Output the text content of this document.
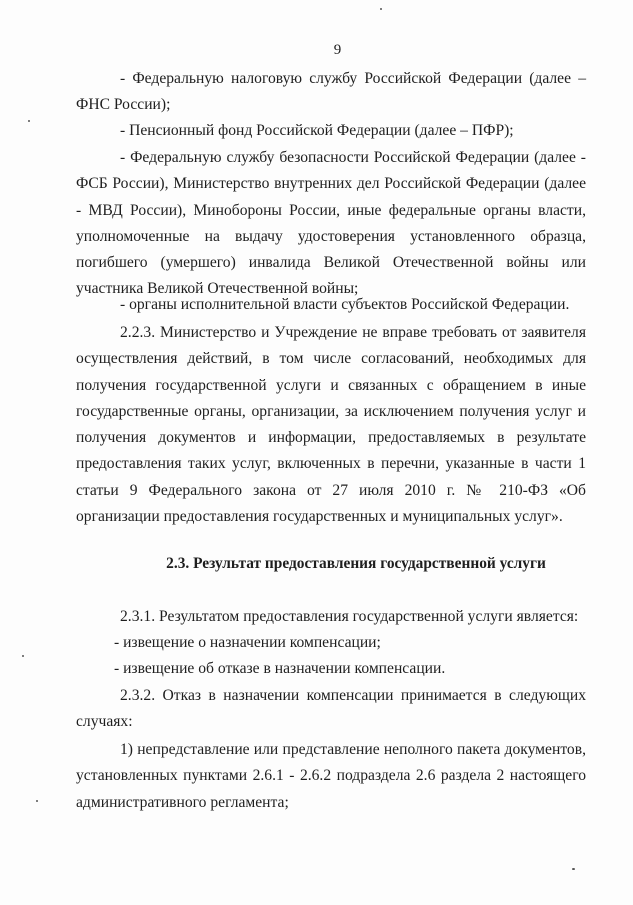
9

- Федеральную налоговую службу Российской Федерации (далее – ФНС России);

- Пенсионный фонд Российской Федерации (далее – ПФР);

- Федеральную службу безопасности Российской Федерации (далее - ФСБ России), Министерство внутренних дел Российской Федерации (далее - МВД России), Минобороны России, иные федеральные органы власти, уполномоченные на выдачу удостоверения установленного образца, погибшего (умершего) инвалида Великой Отечественной войны или участника Великой Отечественной войны;

- органы исполнительной власти субъектов Российской Федерации.

2.2.3. Министерство и Учреждение не вправе требовать от заявителя осуществления действий, в том числе согласований, необходимых для получения государственной услуги и связанных с обращением в иные государственные органы, организации, за исключением получения услуг и получения документов и информации, предоставляемых в результате предоставления таких услуг, включенных в перечни, указанные в части 1 статьи 9 Федерального закона от 27 июля 2010 г. № 210-ФЗ «Об организации предоставления государственных и муниципальных услуг».

2.3. Результат предоставления государственной услуги

2.3.1. Результатом предоставления государственной услуги является:

- извещение о назначении компенсации;

- извещение об отказе в назначении компенсации.

2.3.2. Отказ в назначении компенсации принимается в следующих случаях:

1) непредставление или представление неполного пакета документов, установленных пунктами 2.6.1 - 2.6.2 подраздела 2.6 раздела 2 настоящего административного регламента;
